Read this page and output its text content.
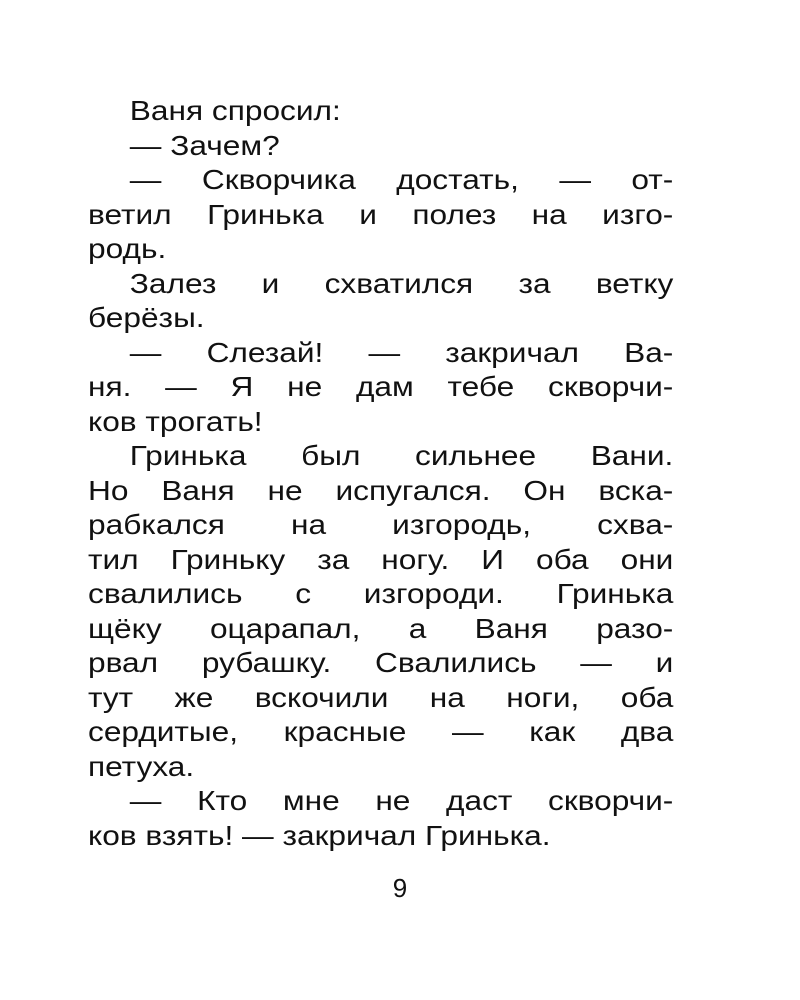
Ваня спросил:
— Зачем?
— Скворчика достать, — от-
ветил Гринька и полез на изго-
родь.
Залез и схватился за ветку
берёзы.
— Слезай! — закричал Ва-
ня. — Я не дам тебе скворчи-
ков трогать!
Гринька был сильнее Вани.
Но Ваня не испугался. Он вска-
рабкался на изгородь, схва-
тил Гриньку за ногу. И оба они
свалились с изгороди. Гринька
щёку оцарапал, а Ваня разо-
рвал рубашку. Свалились — и
тут же вскочили на ноги, оба
сердитые, красные — как два
петуха.
— Кто мне не даст скворчи-
ков взять! — закричал Гринька.
9
